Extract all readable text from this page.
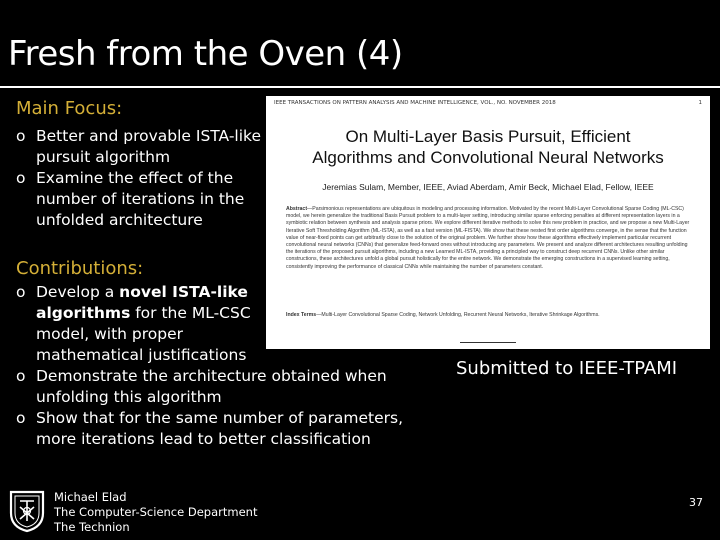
Fresh from the Oven (4)
Main Focus:
o Better and provable ISTA-like pursuit algorithm
o Examine the effect of the number of iterations in the unfolded architecture
Contributions:
o Develop a novel ISTA-like algorithms for the ML-CSC model, with proper mathematical justifications
o Demonstrate the architecture obtained when unfolding this algorithm
o Show that for the same number of parameters, more iterations lead to better classification
IEEE TRANSACTIONS ON PATTERN ANALYSIS AND MACHINE INTELLIGENCE, VOL., NO. NOVEMBER 2018	1
On Multi-Layer Basis Pursuit, Efficient
Algorithms and Convolutional Neural Networks
Jeremias Sulam, Member, IEEE, Aviad Aberdam, Amir Beck, Michael Elad, Fellow, IEEE
Abstract—Parsimonious representations are ubiquitous in modeling and processing information. Motivated by the recent Multi-Layer Convolutional Sparse Coding (ML-CSC) model, we herein generalize the traditional Basis Pursuit problem to a multi-layer setting, introducing similar sparse enforcing penalties at different representation layers in a symbiotic relation between synthesis and analysis sparse priors. We explore different iterative methods to solve this new problem in practice, and we propose a new Multi-Layer Iterative Soft Thresholding Algorithm (ML-ISTA), as well as a fast version (ML-FISTA). We show that these nested first order algorithms converge, in the sense that the function value of near-fixed points can get arbitrarily close to the solution of the original problem. We further show how these algorithms effectively implement particular recurrent convolutional neural networks (CNNs) that generalize feed-forward ones without introducing any parameters. We present and analyze different architectures resulting unfolding the iterations of the proposed pursuit algorithms, including a new Learned ML-ISTA, providing a principled way to construct deep recurrent CNNs. Unlike other similar constructions, these architectures unfold a global pursuit holistically for the entire network. We demonstrate the emerging constructions in a supervised learning setting, consistently improving the performance of classical CNNs while maintaining the number of parameters constant.
Index Terms—Multi-Layer Convolutional Sparse Coding, Network Unfolding, Recurrent Neural Networks, Iterative Shrinkage Algorithms.
Submitted to IEEE-TPAMI
Michael Elad
The Computer-Science Department
The Technion
37
